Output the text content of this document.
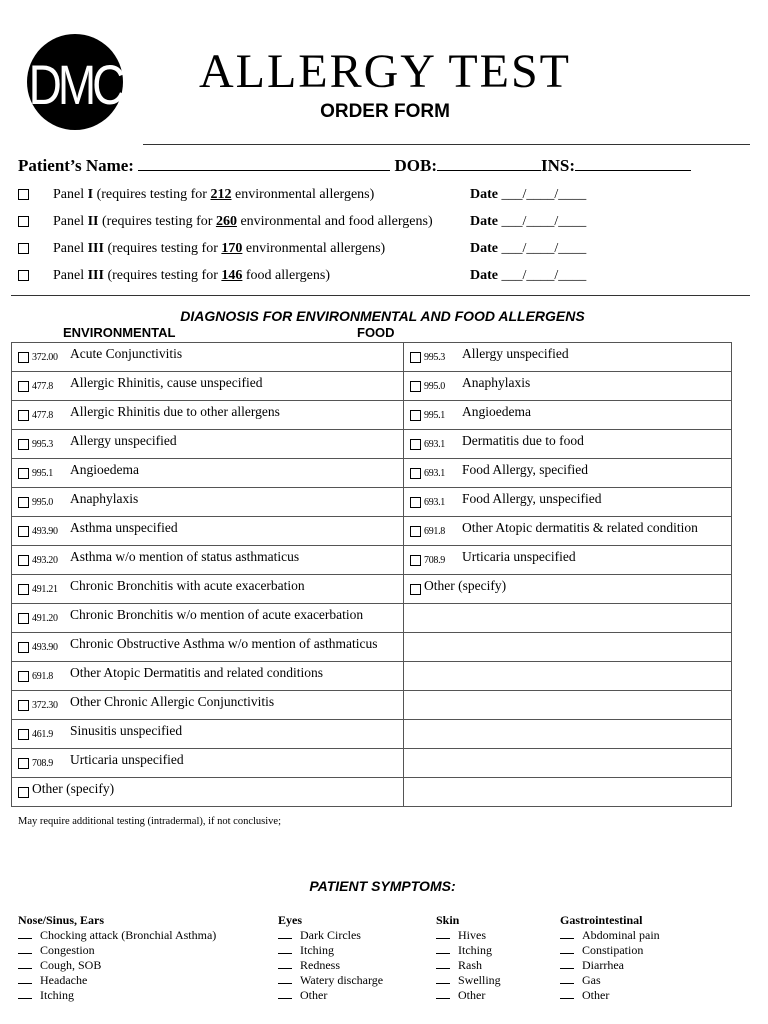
DMC	ALLERGY TEST
ORDER FORM
Patient’s Name:	DOB:	INS:
Panel I (requires testing for 212 environmental allergens)	Date ___/____/____
Panel II (requires testing for 260 environmental and food allergens)	Date ___/____/____
Panel III (requires testing for 170 environmental allergens)	Date ___/____/____
Panel III (requires testing for 146 food allergens)	Date ___/____/____
DIAGNOSIS FOR ENVIRONMENTAL AND FOOD ALLERGENS
ENVIRONMENTAL	FOOD
372.00 Acute Conjunctivitis	995.3 Allergy unspecified
477.8 Allergic Rhinitis, cause unspecified	995.0 Anaphylaxis
477.8 Allergic Rhinitis due to other allergens	995.1 Angioedema
995.3 Allergy unspecified	693.1 Dermatitis due to food
995.1 Angioedema	693.1 Food Allergy, specified
995.0 Anaphylaxis	693.1 Food Allergy, unspecified
493.90 Asthma unspecified	691.8 Other Atopic dermatitis & related condition
493.20 Asthma w/o mention of status asthmaticus	708.9 Urticaria unspecified
491.21 Chronic Bronchitis with acute exacerbation	Other (specify)
491.20 Chronic Bronchitis w/o mention of acute exacerbation	
493.90 Chronic Obstructive Asthma w/o mention of asthmaticus	
691.8 Other Atopic Dermatitis and related conditions	
372.30 Other Chronic Allergic Conjunctivitis	
461.9 Sinusitis unspecified	
708.9 Urticaria unspecified	
Other (specify)	
May require additional testing (intradermal), if not conclusive;
PATIENT SYMPTOMS:
Nose/Sinus, Ears
Chocking attack (Bronchial Asthma)
Congestion
Cough, SOB
Headache
Itching
Eyes
Dark Circles
Itching
Redness
Watery discharge
Other
Skin
Hives
Itching
Rash
Swelling
Other
Gastrointestinal
Abdominal pain
Constipation
Diarrhea
Gas
Other
